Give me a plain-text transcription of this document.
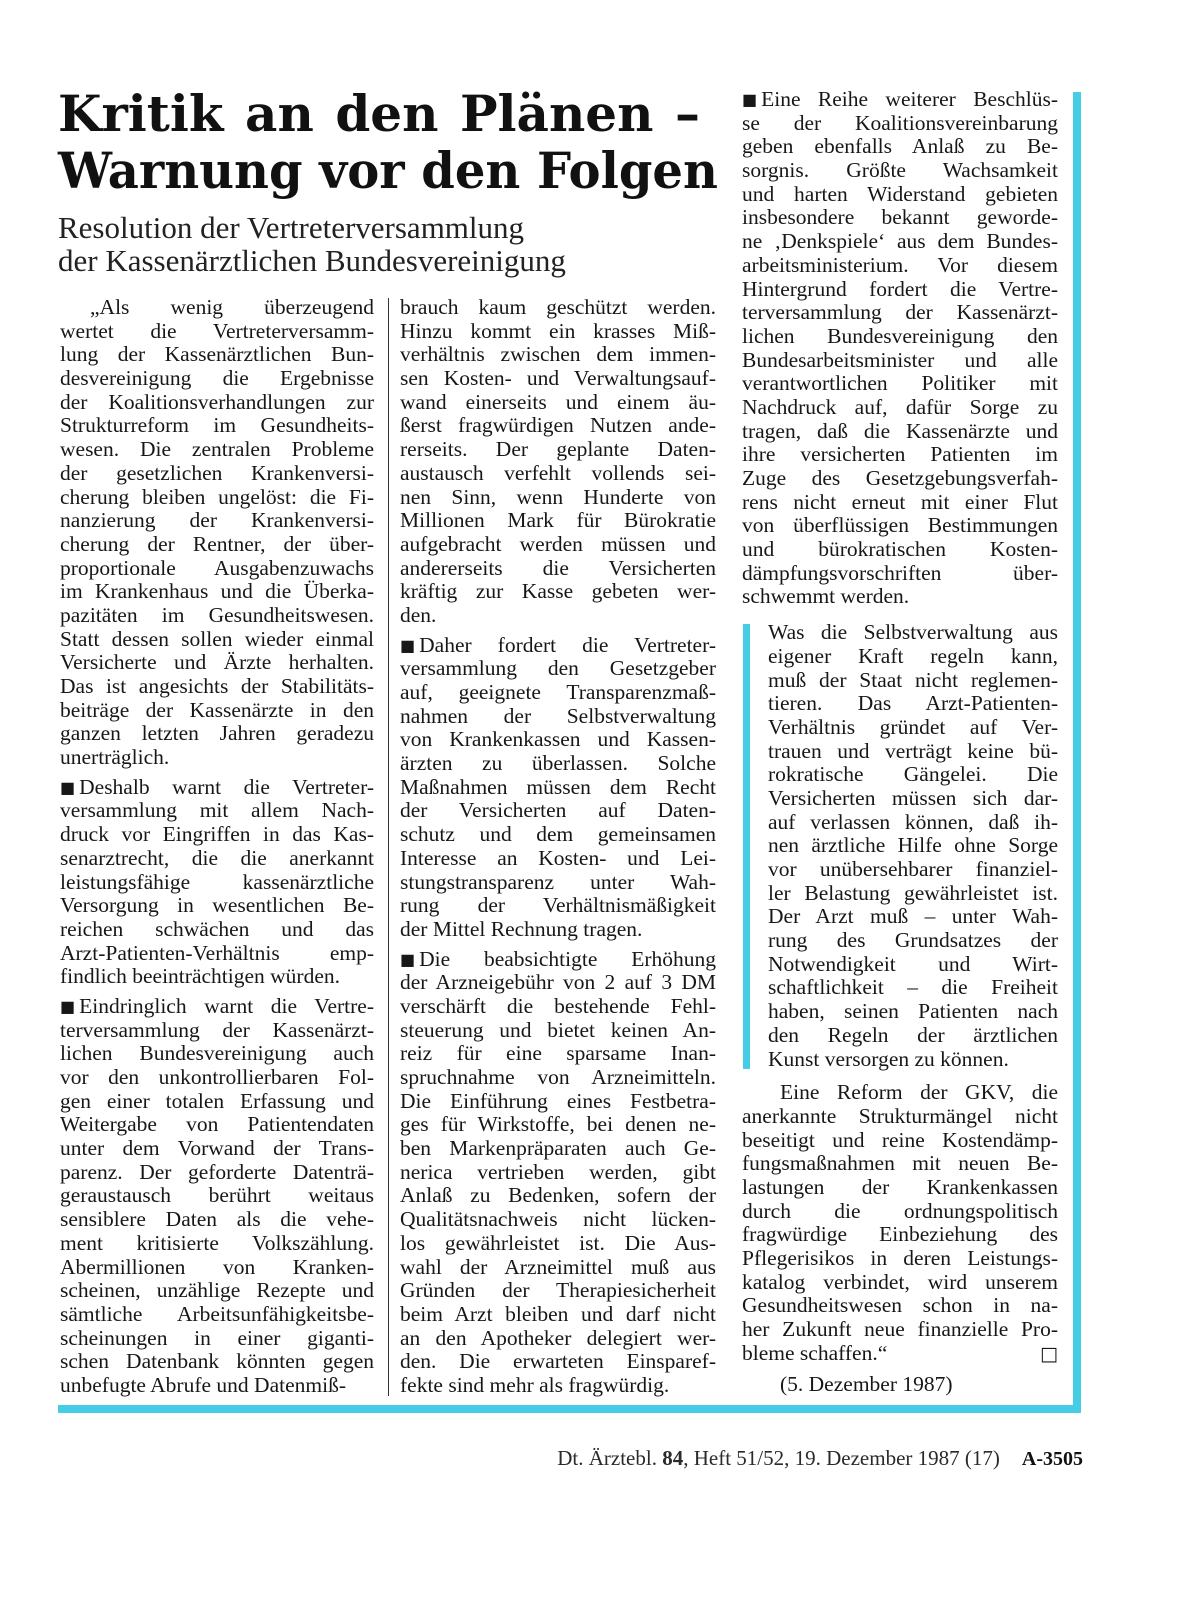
Kritik an den Plänen –
Warnung vor den Folgen
Resolution der Vertreterversammlung
der Kassenärztlichen Bundesvereinigung
„Als wenig überzeugend
wertet die Vertreterversamm-
lung der Kassenärztlichen Bun-
desvereinigung die Ergebnisse
der Koalitionsverhandlungen zur
Strukturreform im Gesundheits-
wesen. Die zentralen Probleme
der gesetzlichen Krankenversi-
cherung bleiben ungelöst: die Fi-
nanzierung der Krankenversi-
cherung der Rentner, der über-
proportionale Ausgabenzuwachs
im Krankenhaus und die Überka-
pazitäten im Gesundheitswesen.
Statt dessen sollen wieder einmal
Versicherte und Ärzte herhalten.
Das ist angesichts der Stabilitäts-
beiträge der Kassenärzte in den
ganzen letzten Jahren geradezu
unerträglich.
■ Deshalb warnt die Vertreter-
versammlung mit allem Nach-
druck vor Eingriffen in das Kas-
senarztrecht, die die anerkannt
leistungsfähige kassenärztliche
Versorgung in wesentlichen Be-
reichen schwächen und das
Arzt-Patienten-Verhältnis emp-
findlich beeinträchtigen würden.
■ Eindringlich warnt die Vertre-
terversammlung der Kassenärzt-
lichen Bundesvereinigung auch
vor den unkontrollierbaren Fol-
gen einer totalen Erfassung und
Weitergabe von Patientendaten
unter dem Vorwand der Trans-
parenz. Der geforderte Datenträ-
geraustausch berührt weitaus
sensiblere Daten als die vehe-
ment kritisierte Volkszählung.
Abermillionen von Kranken-
scheinen, unzählige Rezepte und
sämtliche Arbeitsunfähigkeitsbe-
scheinungen in einer giganti-
schen Datenbank könnten gegen
unbefugte Abrufe und Datenmiß-
brauch kaum geschützt werden.
Hinzu kommt ein krasses Miß-
verhältnis zwischen dem immen-
sen Kosten- und Verwaltungsauf-
wand einerseits und einem äu-
ßerst fragwürdigen Nutzen ande-
rerseits. Der geplante Daten-
austausch verfehlt vollends sei-
nen Sinn, wenn Hunderte von
Millionen Mark für Bürokratie
aufgebracht werden müssen und
andererseits die Versicherten
kräftig zur Kasse gebeten wer-
den.
■ Daher fordert die Vertreter-
versammlung den Gesetzgeber
auf, geeignete Transparenzmaß-
nahmen der Selbstverwaltung
von Krankenkassen und Kassen-
ärzten zu überlassen. Solche
Maßnahmen müssen dem Recht
der Versicherten auf Daten-
schutz und dem gemeinsamen
Interesse an Kosten- und Lei-
stungstransparenz unter Wah-
rung der Verhältnismäßigkeit
der Mittel Rechnung tragen.
■ Die beabsichtigte Erhöhung
der Arzneigebühr von 2 auf 3 DM
verschärft die bestehende Fehl-
steuerung und bietet keinen An-
reiz für eine sparsame Inan-
spruchnahme von Arzneimitteln.
Die Einführung eines Festbetra-
ges für Wirkstoffe, bei denen ne-
ben Markenpräparaten auch Ge-
nerica vertrieben werden, gibt
Anlaß zu Bedenken, sofern der
Qualitätsnachweis nicht lücken-
los gewährleistet ist. Die Aus-
wahl der Arzneimittel muß aus
Gründen der Therapiesicherheit
beim Arzt bleiben und darf nicht
an den Apotheker delegiert wer-
den. Die erwarteten Einsparef-
fekte sind mehr als fragwürdig.
■ Eine Reihe weiterer Beschlüs-
se der Koalitionsvereinbarung
geben ebenfalls Anlaß zu Be-
sorgnis. Größte Wachsamkeit
und harten Widerstand gebieten
insbesondere bekannt geworde-
ne ‚Denkspiele‘ aus dem Bundes-
arbeitsministerium. Vor diesem
Hintergrund fordert die Vertre-
terversammlung der Kassenärzt-
lichen Bundesvereinigung den
Bundesarbeitsminister und alle
verantwortlichen Politiker mit
Nachdruck auf, dafür Sorge zu
tragen, daß die Kassenärzte und
ihre versicherten Patienten im
Zuge des Gesetzgebungsverfah-
rens nicht erneut mit einer Flut
von überflüssigen Bestimmungen
und bürokratischen Kosten-
dämpfungsvorschriften über-
schwemmt werden.
Was die Selbstverwaltung aus
eigener Kraft regeln kann,
muß der Staat nicht reglemen-
tieren. Das Arzt-Patienten-
Verhältnis gründet auf Ver-
trauen und verträgt keine bü-
rokratische Gängelei. Die
Versicherten müssen sich dar-
auf verlassen können, daß ih-
nen ärztliche Hilfe ohne Sorge
vor unübersehbarer finanziel-
ler Belastung gewährleistet ist.
Der Arzt muß – unter Wah-
rung des Grundsatzes der
Notwendigkeit und Wirt-
schaftlichkeit – die Freiheit
haben, seinen Patienten nach
den Regeln der ärztlichen
Kunst versorgen zu können.
Eine Reform der GKV, die
anerkannte Strukturmängel nicht
beseitigt und reine Kostendämp-
fungsmaßnahmen mit neuen Be-
lastungen der Krankenkassen
durch die ordnungspolitisch
fragwürdige Einbeziehung des
Pflegerisikos in deren Leistungs-
katalog verbindet, wird unserem
Gesundheitswesen schon in na-
her Zukunft neue finanzielle Pro-
bleme schaffen.“	□
(5. Dezember 1987)
Dt. Ärztebl. 84, Heft 51/52, 19. Dezember 1987 (17) A-3505
